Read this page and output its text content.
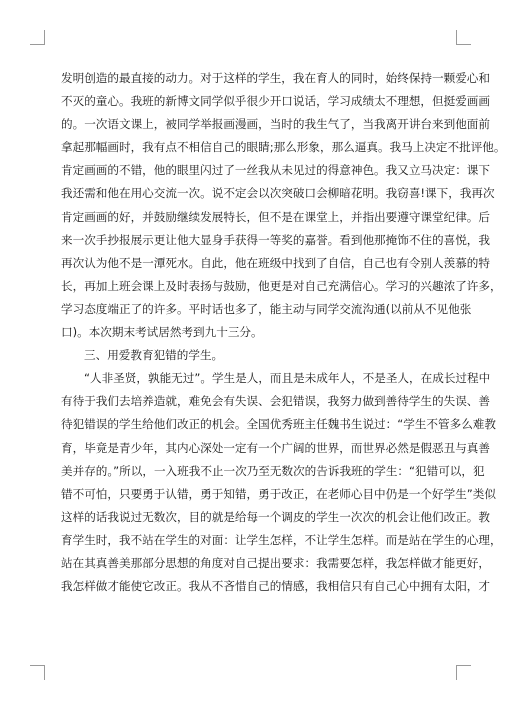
发明创造的最直接的动力。对于这样的学生，我在育人的同时，始终保持一颗爱心和
不灭的童心。我班的新博文同学似乎很少开口说话，学习成绩太不理想，但挺爱画画
的。一次语文课上，被同学举报画漫画，当时的我生气了，当我离开讲台来到他面前
拿起那幅画时，我有点不相信自己的眼睛;那么形象，那么逼真。我马上决定不批评他。
肯定画画的不错，他的眼里闪过了一丝我从未见过的得意神色。我又立马决定：课下
我还需和他在用心交流一次。说不定会以次突破口会柳暗花明。我窃喜!课下，我再次
肯定画画的好，并鼓励继续发展特长，但不是在课堂上，并指出要遵守课堂纪律。后
来一次手抄报展示更让他大显身手获得一等奖的嘉誉。看到他那掩饰不住的喜悦，我
再次认为他不是一潭死水。自此，他在班级中找到了自信，自己也有令别人羡慕的特
长，再加上班会课上及时表扬与鼓励，他更是对自己充满信心。学习的兴趣浓了许多，
学习态度端正了的许多。平时话也多了，能主动与同学交流沟通(以前从不见他张
口)。本次期末考试居然考到九十三分。
三、用爱教育犯错的学生。
“人非圣贤，孰能无过”。学生是人，而且是未成年人，不是圣人，在成长过程中
有待于我们去培养造就，难免会有失误、会犯错误，我努力做到善待学生的失误、善
待犯错误的学生给他们改正的机会。全国优秀班主任魏书生说过：“学生不管多么难教
育，毕竟是青少年，其内心深处一定有一个广阔的世界，而世界必然是假恶丑与真善
美并存的。”所以，一入班我不止一次乃至无数次的告诉我班的学生：“犯错可以，犯
错不可怕，只要勇于认错，勇于知错，勇于改正，在老师心目中仍是一个好学生”类似
这样的话我说过无数次，目的就是给每一个调皮的学生一次次的机会让他们改正。教
育学生时，我不站在学生的对面：让学生怎样，不让学生怎样。而是站在学生的心理，
站在其真善美那部分思想的角度对自己提出要求：我需要怎样，我怎样做才能更好，
我怎样做才能使它改正。我从不吝惜自己的情感，我相信只有自己心中拥有太阳，才
